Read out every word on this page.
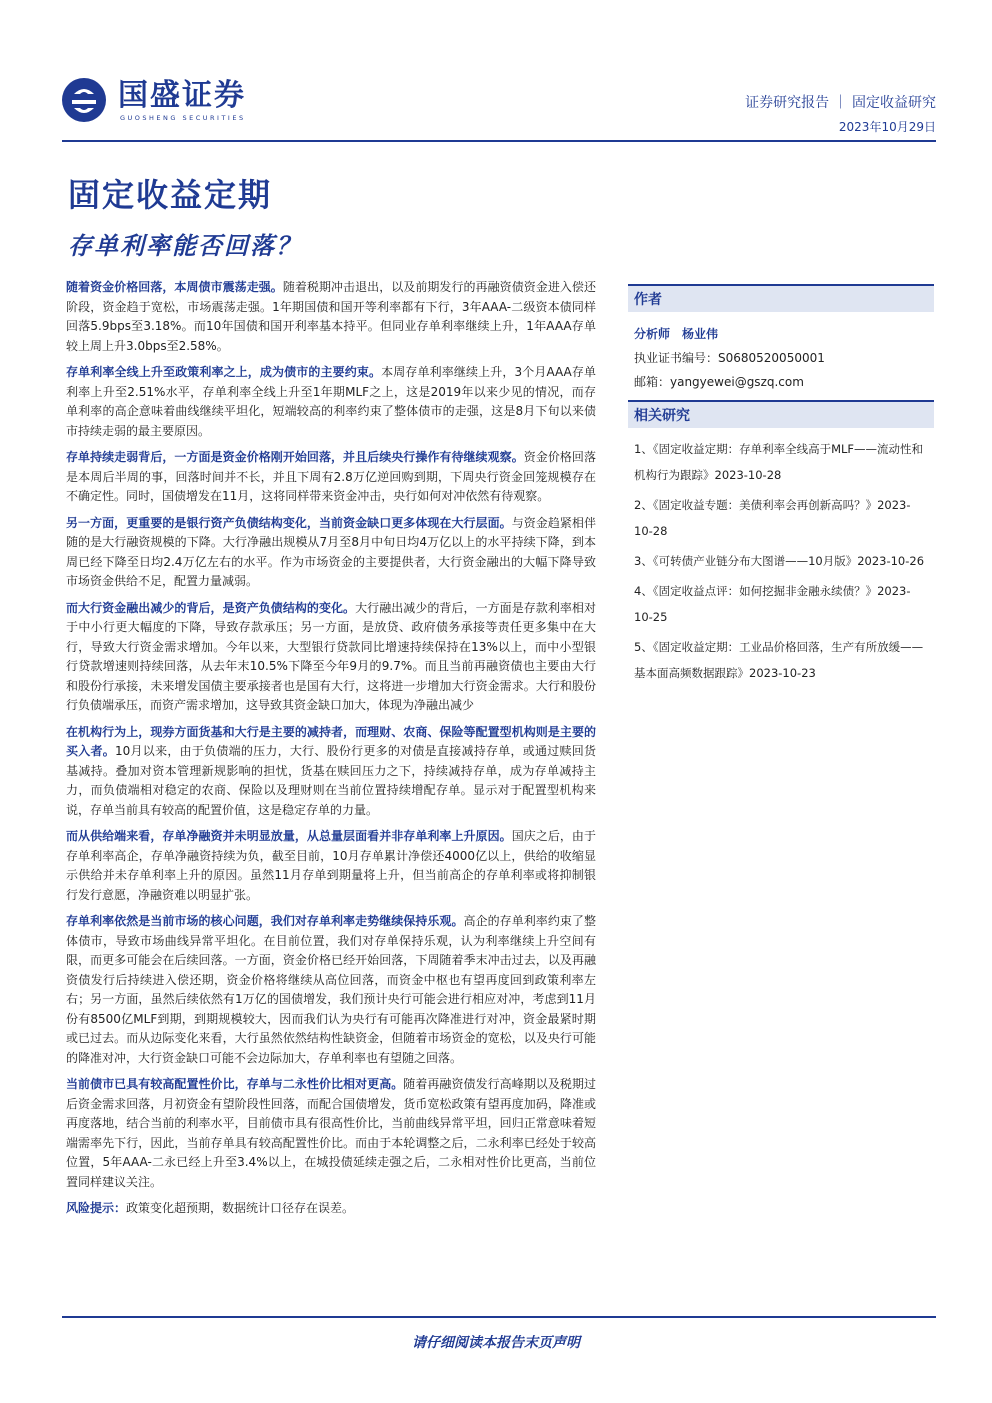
国盛证券
GUOSHENG SECURITIES
证券研究报告 ｜ 固定收益研究
2023年10月29日
固定收益定期
存单利率能否回落？

随着资金价格回落，本周债市震荡走强。随着税期冲击退出，以及前期发行的再融资债资金进入偿还阶段，资金趋于宽松，市场震荡走强。1年期国债和国开等利率都有下行，3年AAA-二级资本债同样回落5.9bps至3.18%。而10年国债和国开利率基本持平。但同业存单利率继续上升，1年AAA存单较上周上升3.0bps至2.58%。

存单利率全线上升至政策利率之上，成为债市的主要约束。本周存单利率继续上升，3个月AAA存单利率上升至2.51%水平，存单利率全线上升至1年期MLF之上，这是2019年以来少见的情况，而存单利率的高企意味着曲线继续平坦化，短端较高的利率约束了整体债市的走强，这是8月下旬以来债市持续走弱的最主要原因。

存单持续走弱背后，一方面是资金价格刚开始回落，并且后续央行操作有待继续观察。资金价格回落是本周后半周的事，回落时间并不长，并且下周有2.8万亿逆回购到期，下周央行资金回笼规模存在不确定性。同时，国债增发在11月，这将同样带来资金冲击，央行如何对冲依然有待观察。

另一方面，更重要的是银行资产负债结构变化，当前资金缺口更多体现在大行层面。与资金趋紧相伴随的是大行融资规模的下降。大行净融出规模从7月至8月中旬日均4万亿以上的水平持续下降，到本周已经下降至日均2.4万亿左右的水平。作为市场资金的主要提供者，大行资金融出的大幅下降导致市场资金供给不足，配置力量减弱。

而大行资金融出减少的背后，是资产负债结构的变化。大行融出减少的背后，一方面是存款利率相对于中小行更大幅度的下降，导致存款承压；另一方面，是放贷、政府债务承接等责任更多集中在大行，导致大行资金需求增加。今年以来，大型银行贷款同比增速持续保持在13%以上，而中小型银行贷款增速则持续回落，从去年末10.5%下降至今年9月的9.7%。而且当前再融资债也主要由大行和股份行承接，未来增发国债主要承接者也是国有大行，这将进一步增加大行资金需求。大行和股份行负债端承压，而资产需求增加，这导致其资金缺口加大，体现为净融出减少

在机构行为上，现券方面货基和大行是主要的减持者，而理财、农商、保险等配置型机构则是主要的买入者。10月以来，由于负债端的压力，大行、股份行更多的对债是直接减持存单，或通过赎回货基减持。叠加对资本管理新规影响的担忧，货基在赎回压力之下，持续减持存单，成为存单减持主力，而负债端相对稳定的农商、保险以及理财则在当前位置持续增配存单。显示对于配置型机构来说，存单当前具有较高的配置价值，这是稳定存单的力量。

而从供给端来看，存单净融资并未明显放量，从总量层面看并非存单利率上升原因。国庆之后，由于存单利率高企，存单净融资持续为负，截至目前，10月存单累计净偿还4000亿以上，供给的收缩显示供给并未存单利率上升的原因。虽然11月存单到期量将上升，但当前高企的存单利率或将抑制银行发行意愿，净融资难以明显扩张。

存单利率依然是当前市场的核心问题，我们对存单利率走势继续保持乐观。高企的存单利率约束了整体债市，导致市场曲线异常平坦化。在目前位置，我们对存单保持乐观，认为利率继续上升空间有限，而更多可能会在后续回落。一方面，资金价格已经开始回落，下周随着季末冲击过去，以及再融资债发行后持续进入偿还期，资金价格将继续从高位回落，而资金中枢也有望再度回到政策利率左右；另一方面，虽然后续依然有1万亿的国债增发，我们预计央行可能会进行相应对冲，考虑到11月份有8500亿MLF到期，到期规模较大，因而我们认为央行有可能再次降准进行对冲，资金最紧时期或已过去。而从边际变化来看，大行虽然依然结构性缺资金，但随着市场资金的宽松，以及央行可能的降准对冲，大行资金缺口可能不会边际加大，存单利率也有望随之回落。

当前债市已具有较高配置性价比，存单与二永性价比相对更高。随着再融资债发行高峰期以及税期过后资金需求回落，月初资金有望阶段性回落，而配合国债增发，货币宽松政策有望再度加码，降准或再度落地，结合当前的利率水平，目前债市具有很高性价比，当前曲线异常平坦，回归正常意味着短端需率先下行，因此，当前存单具有较高配置性价比。而由于本轮调整之后，二永利率已经处于较高位置，5年AAA-二永已经上升至3.4%以上，在城投债延续走强之后，二永相对性价比更高，当前位置同样建议关注。

风险提示：政策变化超预期，数据统计口径存在误差。

作者
分析师　 杨业伟
执业证书编号：S0680520050001
邮箱：yangyewei@gszq.com
相关研究
1、《固定收益定期：存单利率全线高于MLF——流动性和机构行为跟踪》2023-10-28
2、《固定收益专题：美债利率会再创新高吗？》2023-10-28
3、《可转债产业链分布大图谱——10月版》2023-10-26
4、《固定收益点评：如何挖掘非金融永续债？》2023-10-25
5、《固定收益定期：工业品价格回落，生产有所放缓——基本面高频数据跟踪》2023-10-23
请仔细阅读本报告末页声明
